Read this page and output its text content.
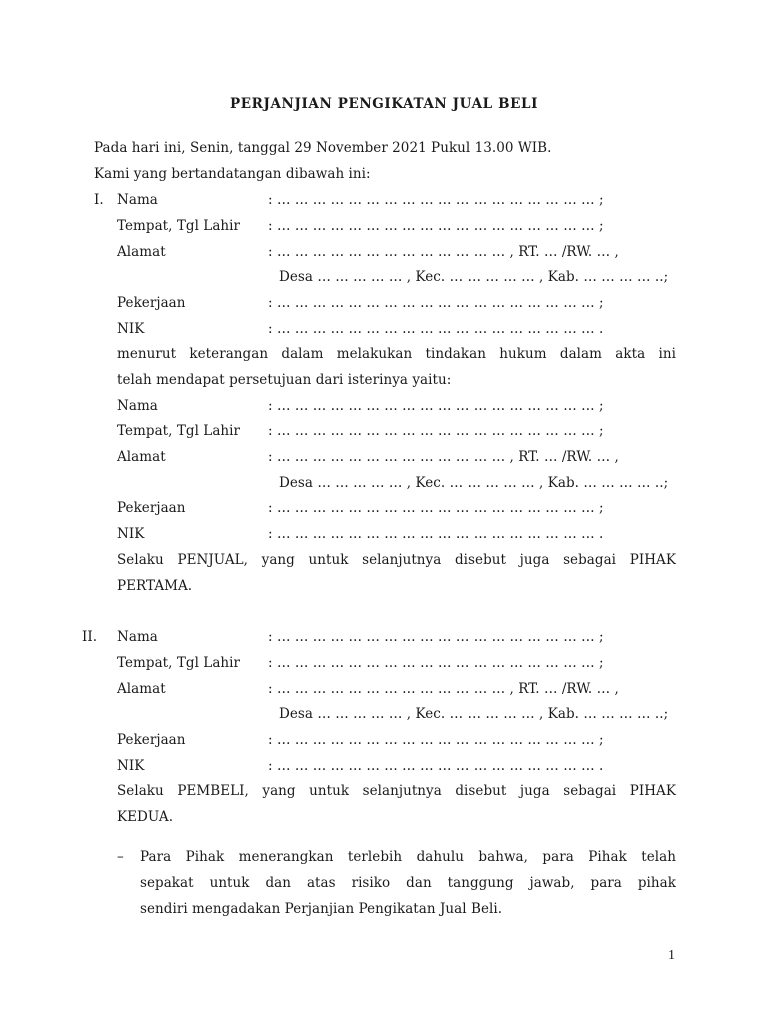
PERJANJIAN PENGIKATAN JUAL BELI
Pada hari ini, Senin, tanggal 29 November 2021 Pukul 13.00 WIB.
Kami yang bertandatangan dibawah ini:
I. Nama	: … … … … … … … … … … … … … … … … … … ;
Tempat, Tgl Lahir : … … … … … … … … … … … … … … … … … … ;
Alamat	: … … … … … … … … … … … … … , RT. … /RW. … ,
Desa … … … … … , Kec. … … … … … , Kab. … … … … ..;
Pekerjaan	: … … … … … … … … … … … … … … … … … … ;
NIK	: … … … … … … … … … … … … … … … … … … .
menurut keterangan dalam melakukan tindakan hukum dalam akta ini
telah mendapat persetujuan dari isterinya yaitu:
Nama	: … … … … … … … … … … … … … … … … … … ;
Tempat, Tgl Lahir : … … … … … … … … … … … … … … … … … … ;
Alamat	: … … … … … … … … … … … … … , RT. … /RW. … ,
Desa … … … … … , Kec. … … … … … , Kab. … … … … ..;
Pekerjaan	: … … … … … … … … … … … … … … … … … … ;
NIK	: … … … … … … … … … … … … … … … … … … .
Selaku PENJUAL, yang untuk selanjutnya disebut juga sebagai PIHAK
PERTAMA.
II. Nama	: … … … … … … … … … … … … … … … … … … ;
Tempat, Tgl Lahir : … … … … … … … … … … … … … … … … … … ;
Alamat	: … … … … … … … … … … … … … , RT. … /RW. … ,
Desa … … … … … , Kec. … … … … … , Kab. … … … … ..;
Pekerjaan	: … … … … … … … … … … … … … … … … … … ;
NIK	: … … … … … … … … … … … … … … … … … … .
Selaku PEMBELI, yang untuk selanjutnya disebut juga sebagai PIHAK
KEDUA.
– Para Pihak menerangkan terlebih dahulu bahwa, para Pihak telah
sepakat untuk dan atas risiko dan tanggung jawab, para pihak
sendiri mengadakan Perjanjian Pengikatan Jual Beli.
1
